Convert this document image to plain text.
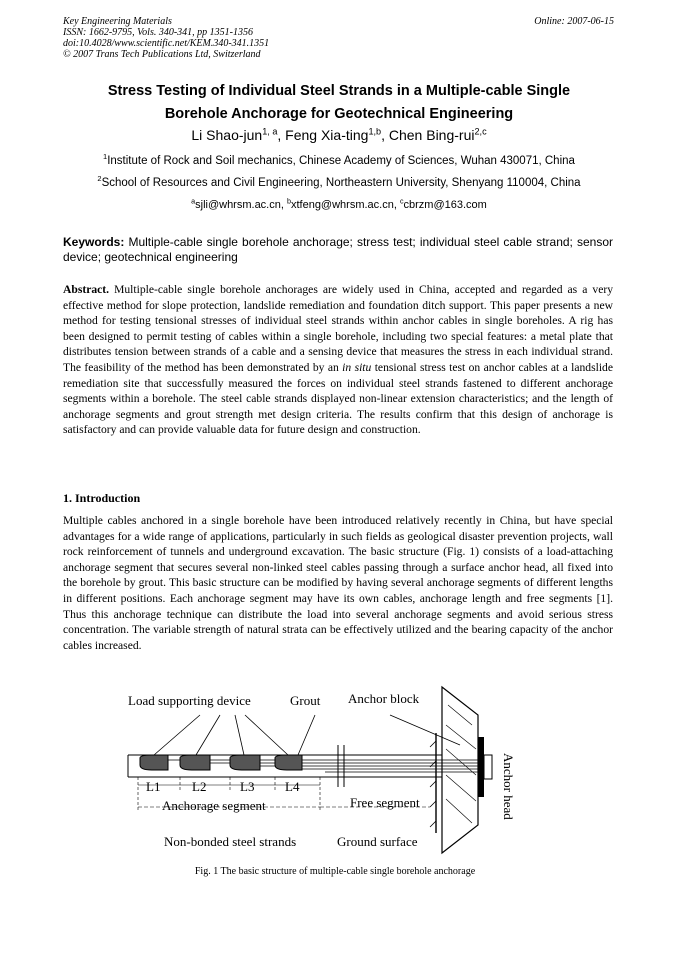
Key Engineering Materials
ISSN: 1662-9795, Vols. 340-341, pp 1351-1356
doi:10.4028/www.scientific.net/KEM.340-341.1351
© 2007 Trans Tech Publications Ltd, Switzerland
Online: 2007-06-15
Stress Testing of Individual Steel Strands in a Multiple-cable Single
Borehole Anchorage for Geotechnical Engineering
Li Shao-jun$^{1, a}$, Feng Xia-ting$^{1,b}$, Chen Bing-rui$^{2,c}$
$^1$Institute of Rock and Soil mechanics, Chinese Academy of Sciences, Wuhan 430071, China
$^2$School of Resources and Civil Engineering, Northeastern University, Shenyang 110004, China
$^a$sjli@whrsm.ac.cn, $^b$xtfeng@whrsm.ac.cn, $^c$cbrzm@163.com
Keywords: Multiple-cable single borehole anchorage; stress test; individual steel cable strand; sensor device; geotechnical engineering
Abstract. Multiple-cable single borehole anchorages are widely used in China, accepted and regarded as a very effective method for slope protection, landslide remediation and foundation ditch support. This paper presents a new method for testing tensional stresses of individual steel strands within anchor cables in single boreholes. A rig has been designed to permit testing of cables within a single borehole, including two special features: a metal plate that distributes tension between strands of a cable and a sensing device that measures the stress in each individual strand. The feasibility of the method has been demonstrated by an in situ tensional stress test on anchor cables at a landslide remediation site that successfully measured the forces on individual steel strands fastened to different anchorage segments within a borehole. The steel cable strands displayed non-linear extension characteristics; and the length of anchorage segments and grout strength met design criteria. The results confirm that this design of anchorage is satisfactory and can provide valuable data for future design and construction.
1. Introduction
Multiple cables anchored in a single borehole have been introduced relatively recently in China, but have special advantages for a wide range of applications, particularly in such fields as geological disaster prevention projects, wall rock reinforcement of tunnels and underground excavation. The basic structure (Fig. 1) consists of a load-attaching anchorage segment that secures several non-linked steel cables passing through a surface anchor head, all fixed into the borehole by grout. This basic structure can be modified by having several anchorage segments of different lengths in different positions. Each anchorage segment may have its own cables, anchorage length and free segments [1]. Thus this anchorage technique can distribute the load into several anchorage segments and avoid serious stress concentration. The variable strength of natural strata can be effectively utilized and the bearing capacity of the anchor cables increased.
Load supporting device	Grout Anchor block
Anchor head
L1 L2	L3 L4
Anchorage segment	Free segment
Non-bonded steel strands	Ground surface
Fig. 1 The basic structure of multiple-cable single borehole anchorage
